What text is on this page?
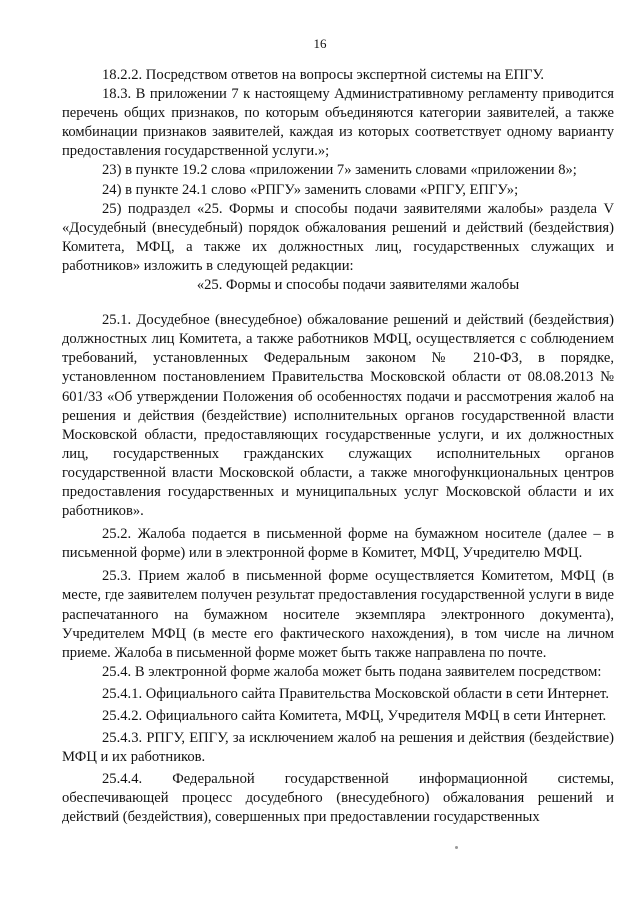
16

18.2.2. Посредством ответов на вопросы экспертной системы на ЕПГУ.

18.3. В приложении 7 к настоящему Административному регламенту приводится перечень общих признаков, по которым объединяются категории заявителей, а также комбинации признаков заявителей, каждая из которых соответствует одному варианту предоставления государственной услуги.»;

23) в пункте 19.2 слова «приложении 7» заменить словами «приложении 8»;

24) в пункте 24.1 слово «РПГУ» заменить словами «РПГУ, ЕПГУ»;

25) подраздел «25. Формы и способы подачи заявителями жалобы» раздела V «Досудебный (внесудебный) порядок обжалования решений и действий (бездействия) Комитета, МФЦ, а также их должностных лиц, государственных служащих и работников» изложить в следующей редакции:

«25. Формы и способы подачи заявителями жалобы

25.1. Досудебное (внесудебное) обжалование решений и действий (бездействия) должностных лиц Комитета, а также работников МФЦ, осуществляется с соблюдением требований, установленных Федеральным законом № 210-ФЗ, в порядке, установленном постановлением Правительства Московской области от 08.08.2013 № 601/33 «Об утверждении Положения об особенностях подачи и рассмотрения жалоб на решения и действия (бездействие) исполнительных органов государственной власти Московской области, предоставляющих государственные услуги, и их должностных лиц, государственных гражданских служащих исполнительных органов государственной власти Московской области, а также многофункциональных центров предоставления государственных и муниципальных услуг Московской области и их работников».

25.2. Жалоба подается в письменной форме на бумажном носителе (далее – в письменной форме) или в электронной форме в Комитет, МФЦ, Учредителю МФЦ.

25.3. Прием жалоб в письменной форме осуществляется Комитетом, МФЦ (в месте, где заявителем получен результат предоставления государственной услуги в виде распечатанного на бумажном носителе экземпляра электронного документа), Учредителем МФЦ (в месте его фактического нахождения), в том числе на личном приеме. Жалоба в письменной форме может быть также направлена по почте.

25.4. В электронной форме жалоба может быть подана заявителем посредством:

25.4.1. Официального сайта Правительства Московской области в сети Интернет.

25.4.2. Официального сайта Комитета, МФЦ, Учредителя МФЦ в сети Интернет.

25.4.3. РПГУ, ЕПГУ, за исключением жалоб на решения и действия (бездействие) МФЦ и их работников.

25.4.4. Федеральной государственной информационной системы, обеспечивающей процесс досудебного (внесудебного) обжалования решений и действий (бездействия), совершенных при предоставлении государственных
